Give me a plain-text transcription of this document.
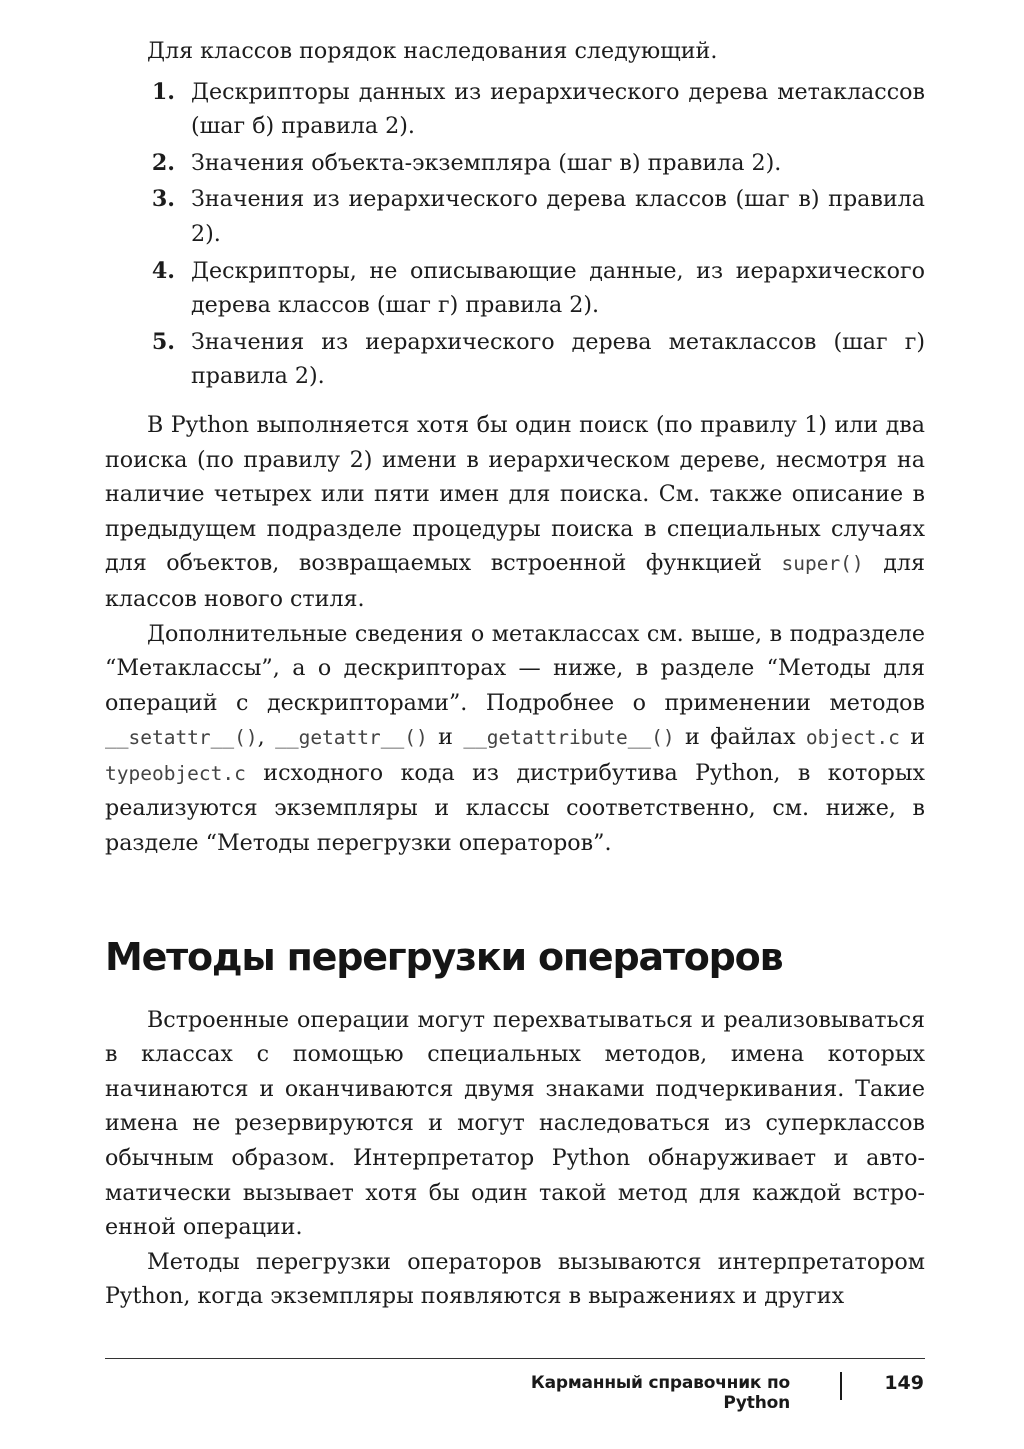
Для классов порядок наследования следующий.

1. Дескрипторы данных из иерархического дерева метаклассов (шаг б) правила 2).

2. Значения объекта-экземпляра (шаг в) правила 2).

3. Значения из иерархического дерева классов (шаг в) правила 2).

4. Дескрипторы, не описывающие данные, из иерархического дерева классов (шаг г) правила 2).

5. Значения из иерархического дерева метаклассов (шаг г) правила 2).

В Python выполняется хотя бы один поиск (по правилу 1) или два поиска (по правилу 2) имени в иерархическом дереве, несмотря на наличие четырех или пяти имен для поиска. См. также описание в предыдущем подразделе процедуры поиска в специальных случаях для объектов, возвращаемых встроенной функцией super() для классов нового стиля.

Дополнительные сведения о метаклассах см. выше, в подразделе “Метаклассы”, а о дескрипторах — ниже, в разделе “Методы для операций с дескрипторами”. Подробнее о применении методов __setattr__(), __getattr__() и __getattribute__() и файлах object.c и typeobject.c исходного кода из дистрибутива Python, в которых реализуются экземпляры и классы соответственно, см. ниже, в разделе “Методы перегрузки операторов”.

Методы перегрузки операторов

Встроенные операции могут перехватываться и реализовываться в классах с помощью специальных методов, имена которых начинаются и оканчиваются двумя знаками подчеркивания. Такие имена не резервируются и могут наследоваться из суперклассов обычным образом. Интерпретатор Python обнаруживает и автоматически вызывает хотя бы один такой метод для каждой встроенной операции.

Методы перегрузки операторов вызываются интерпретатором Python, когда экземпляры появляются в выражениях и других

Карманный справочник по Python
149
